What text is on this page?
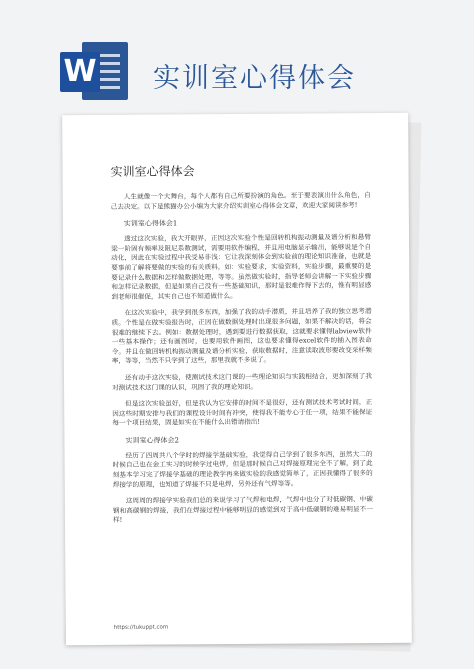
W 实训室心得体会
实训室心得体会
人生就像一个大舞台，每个人都有自己所要扮演的角色。至于要表演出什么角色，自己去决定。以下是熊猫办公小编为大家介绍实训室心得体会文章，欢迎大家阅读参考!
实训室心得体会1
透过这次实验，我大开眼界，正因这次实验个性是回转机构振动测量及谱分析和悬臂梁一阶固有频率及阻尼系数测试，需要用软件编程，并且用电脑显示输出，能够说是个自动化，因此在实验过程中我受易非浅：它让我深刻体会到实验前的理论知识准备，也就是要事前了解将要做的实验的有关质料，如：实验要求，实验资料，实验步骤，最重要的是要记录什么数据和怎样做数据处理，等等。虽然做实验时，指导老师会讲解一下实验步骤和怎样记录数据，但是如果自己没有一些基础知识，那时是很难作得下去的，惟有明显感到老师很催促，其实自己也不知道做什么。
在这次实验中，我学到很多东西，加强了我的动手潜质，并且培养了我的独立思考潜质。个性是在做实验报告时，正因在做数据处理时出现很多问题，如果不解决的话，将会很难的继续下去。例如：数据处理时，遇到要进行数据获取，这就要求懂得labview软件一些基本操作；还有画图时，也要用软件画图，这也要求懂得excel软件的插入图表命令。并且在做回转机构振动测量及谱分析实验，获取数据时，注意读取波形要改变采样频率，等等，当然不只学到了这些，那里我就不多说了。
还有动手这次实验，使测试技术这门课的一些理论知识与实践相结合，更加深刻了我对测试技术这门课的认识，巩固了我的理论知识。
但是这次实验虽好，但是我认为它安排的时间不是很好，还有测试技术考试时间，正因这些时期安排与我们的课程设计时间有冲突，使得我不能专心于任一项，结果不能保证每一个项目结果，固是如实在不能什么出错请指出!
实训室心得体会2
经历了四周共八个学时的焊接学基础实验，我觉得自己学到了很多东西，虽然大二的时候自己也在金工实习的时候学过电焊，但是那时候自己对焊接原理完全不了解，到了此刻基本学习完了焊接学基础的理论教学再来做实验的我感觉简单了，正因我懂得了很多的焊接学的原理，也知道了焊接不只是电焊，另外还有气焊等等。
这周周的焊接学实验我们总的来说学习了气焊和电焊，气焊中也分了对低碳钢、中碳钢和高碳钢的焊接，我们在焊接过程中能够明显的感觉到对于高中低碳钢的难易明显不一样!
https://tukuppt.com
